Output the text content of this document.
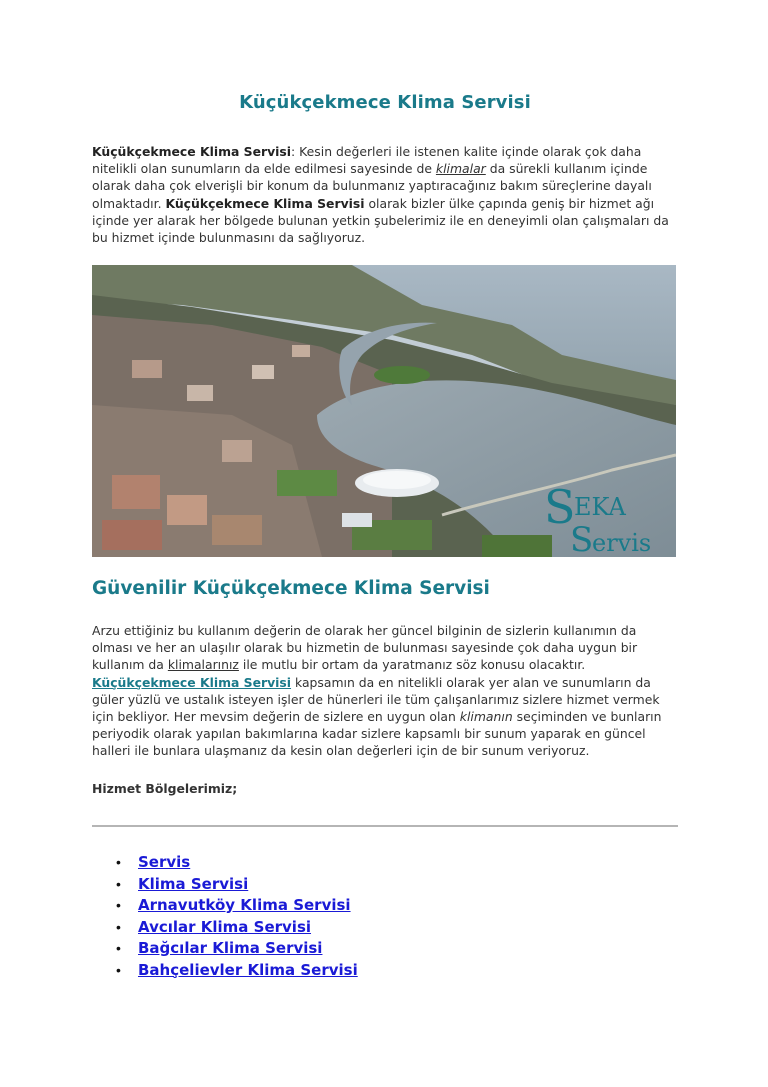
Küçükçekmece Klima Servisi

Küçükçekmece Klima Servisi: Kesin değerleri ile istenen kalite içinde olarak çok daha nitelikli olan sunumların da elde edilmesi sayesinde de klimalar da sürekli kullanım içinde olarak daha çok elverişli bir konum da bulunmanız yaptıracağınız bakım süreçlerine dayalı olmaktadır. Küçükçekmece Klima Servisi olarak bizler ülke çapında geniş bir hizmet ağı içinde yer alarak her bölgede bulunan yetkin şubelerimiz ile en deneyimli olan çalışmaları da bu hizmet içinde bulunmasını da sağlıyoruz.

S
EKA
S
ervis
Güvenilir Küçükçekmece Klima Servisi

Arzu ettiğiniz bu kullanım değerin de olarak her güncel bilginin de sizlerin kullanımın da olması ve her an ulaşılır olarak bu hizmetin de bulunması sayesinde çok daha uygun bir kullanım da klimalarınız ile mutlu bir ortam da yaratmanız söz konusu olacaktır. Küçükçekmece Klima Servisi kapsamın da en nitelikli olarak yer alan ve sunumların da güler yüzlü ve ustalık isteyen işler de hünerleri ile tüm çalışanlarımız sizlere hizmet vermek için bekliyor. Her mevsim değerin de sizlere en uygun olan klimanın seçiminden ve bunların periyodik olarak yapılan bakımlarına kadar sizlere kapsamlı bir sunum yaparak en güncel halleri ile bunlara ulaşmanız da kesin olan değerleri için de bir sunum veriyoruz.

Hizmet Bölgelerimiz;

• Servis
• Klima Servisi
• Arnavutköy Klima Servisi
• Avcılar Klima Servisi
• Bağcılar Klima Servisi
• Bahçelievler Klima Servisi
